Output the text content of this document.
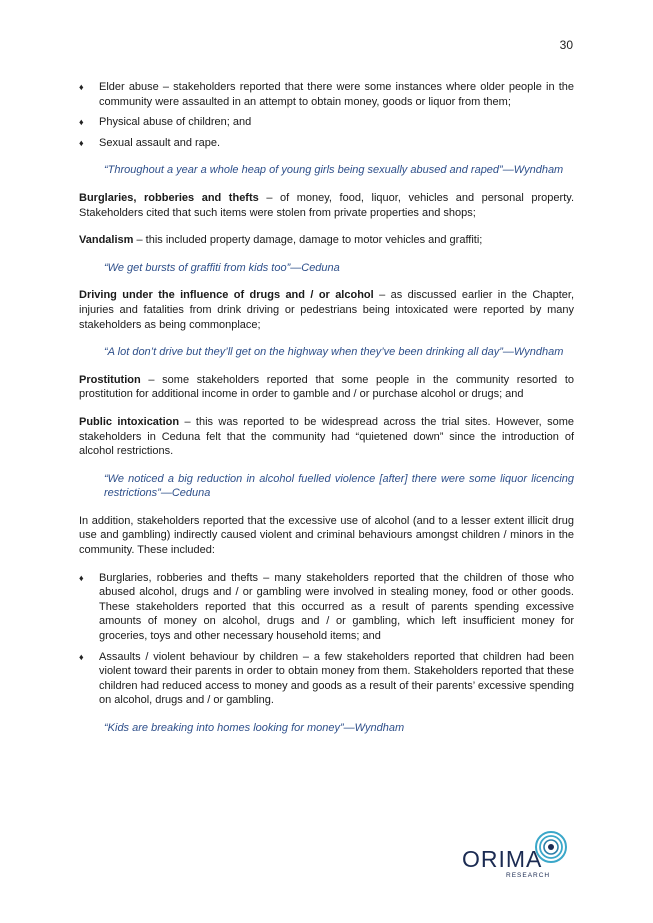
30
♦ Elder abuse – stakeholders reported that there were some instances where older people in the community were assaulted in an attempt to obtain money, goods or liquor from them;
♦ Physical abuse of children; and
♦ Sexual assault and rape.

“Throughout a year a whole heap of young girls being sexually abused and raped”—Wyndham

Burglaries, robberies and thefts – of money, food, liquor, vehicles and personal property. Stakeholders cited that such items were stolen from private properties and shops;

Vandalism – this included property damage, damage to motor vehicles and graffiti;

“We get bursts of graffiti from kids too”—Ceduna

Driving under the influence of drugs and / or alcohol – as discussed earlier in the Chapter, injuries and fatalities from drink driving or pedestrians being intoxicated were reported by many stakeholders as being commonplace;

“A lot don’t drive but they’ll get on the highway when they’ve been drinking all day”—Wyndham

Prostitution – some stakeholders reported that some people in the community resorted to prostitution for additional income in order to gamble and / or purchase alcohol or drugs; and

Public intoxication – this was reported to be widespread across the trial sites. However, some stakeholders in Ceduna felt that the community had “quietened down” since the introduction of alcohol restrictions.

“We noticed a big reduction in alcohol fuelled violence [after] there were some liquor licencing restrictions”—Ceduna

In addition, stakeholders reported that the excessive use of alcohol (and to a lesser extent illicit drug use and gambling) indirectly caused violent and criminal behaviours amongst children / minors in the community. These included:

♦ Burglaries, robberies and thefts – many stakeholders reported that the children of those who abused alcohol, drugs and / or gambling were involved in stealing money, food or other goods. These stakeholders reported that this occurred as a result of parents spending excessive amounts of money on alcohol, drugs and / or gambling, which left insufficient money for groceries, toys and other necessary household items; and
♦ Assaults / violent behaviour by children – a few stakeholders reported that children had been violent toward their parents in order to obtain money from them. Stakeholders reported that these children had reduced access to money and goods as a result of their parents’ excessive spending on alcohol, drugs and / or gambling.

“Kids are breaking into homes looking for money”—Wyndham

ORIMA
RESEARCH
